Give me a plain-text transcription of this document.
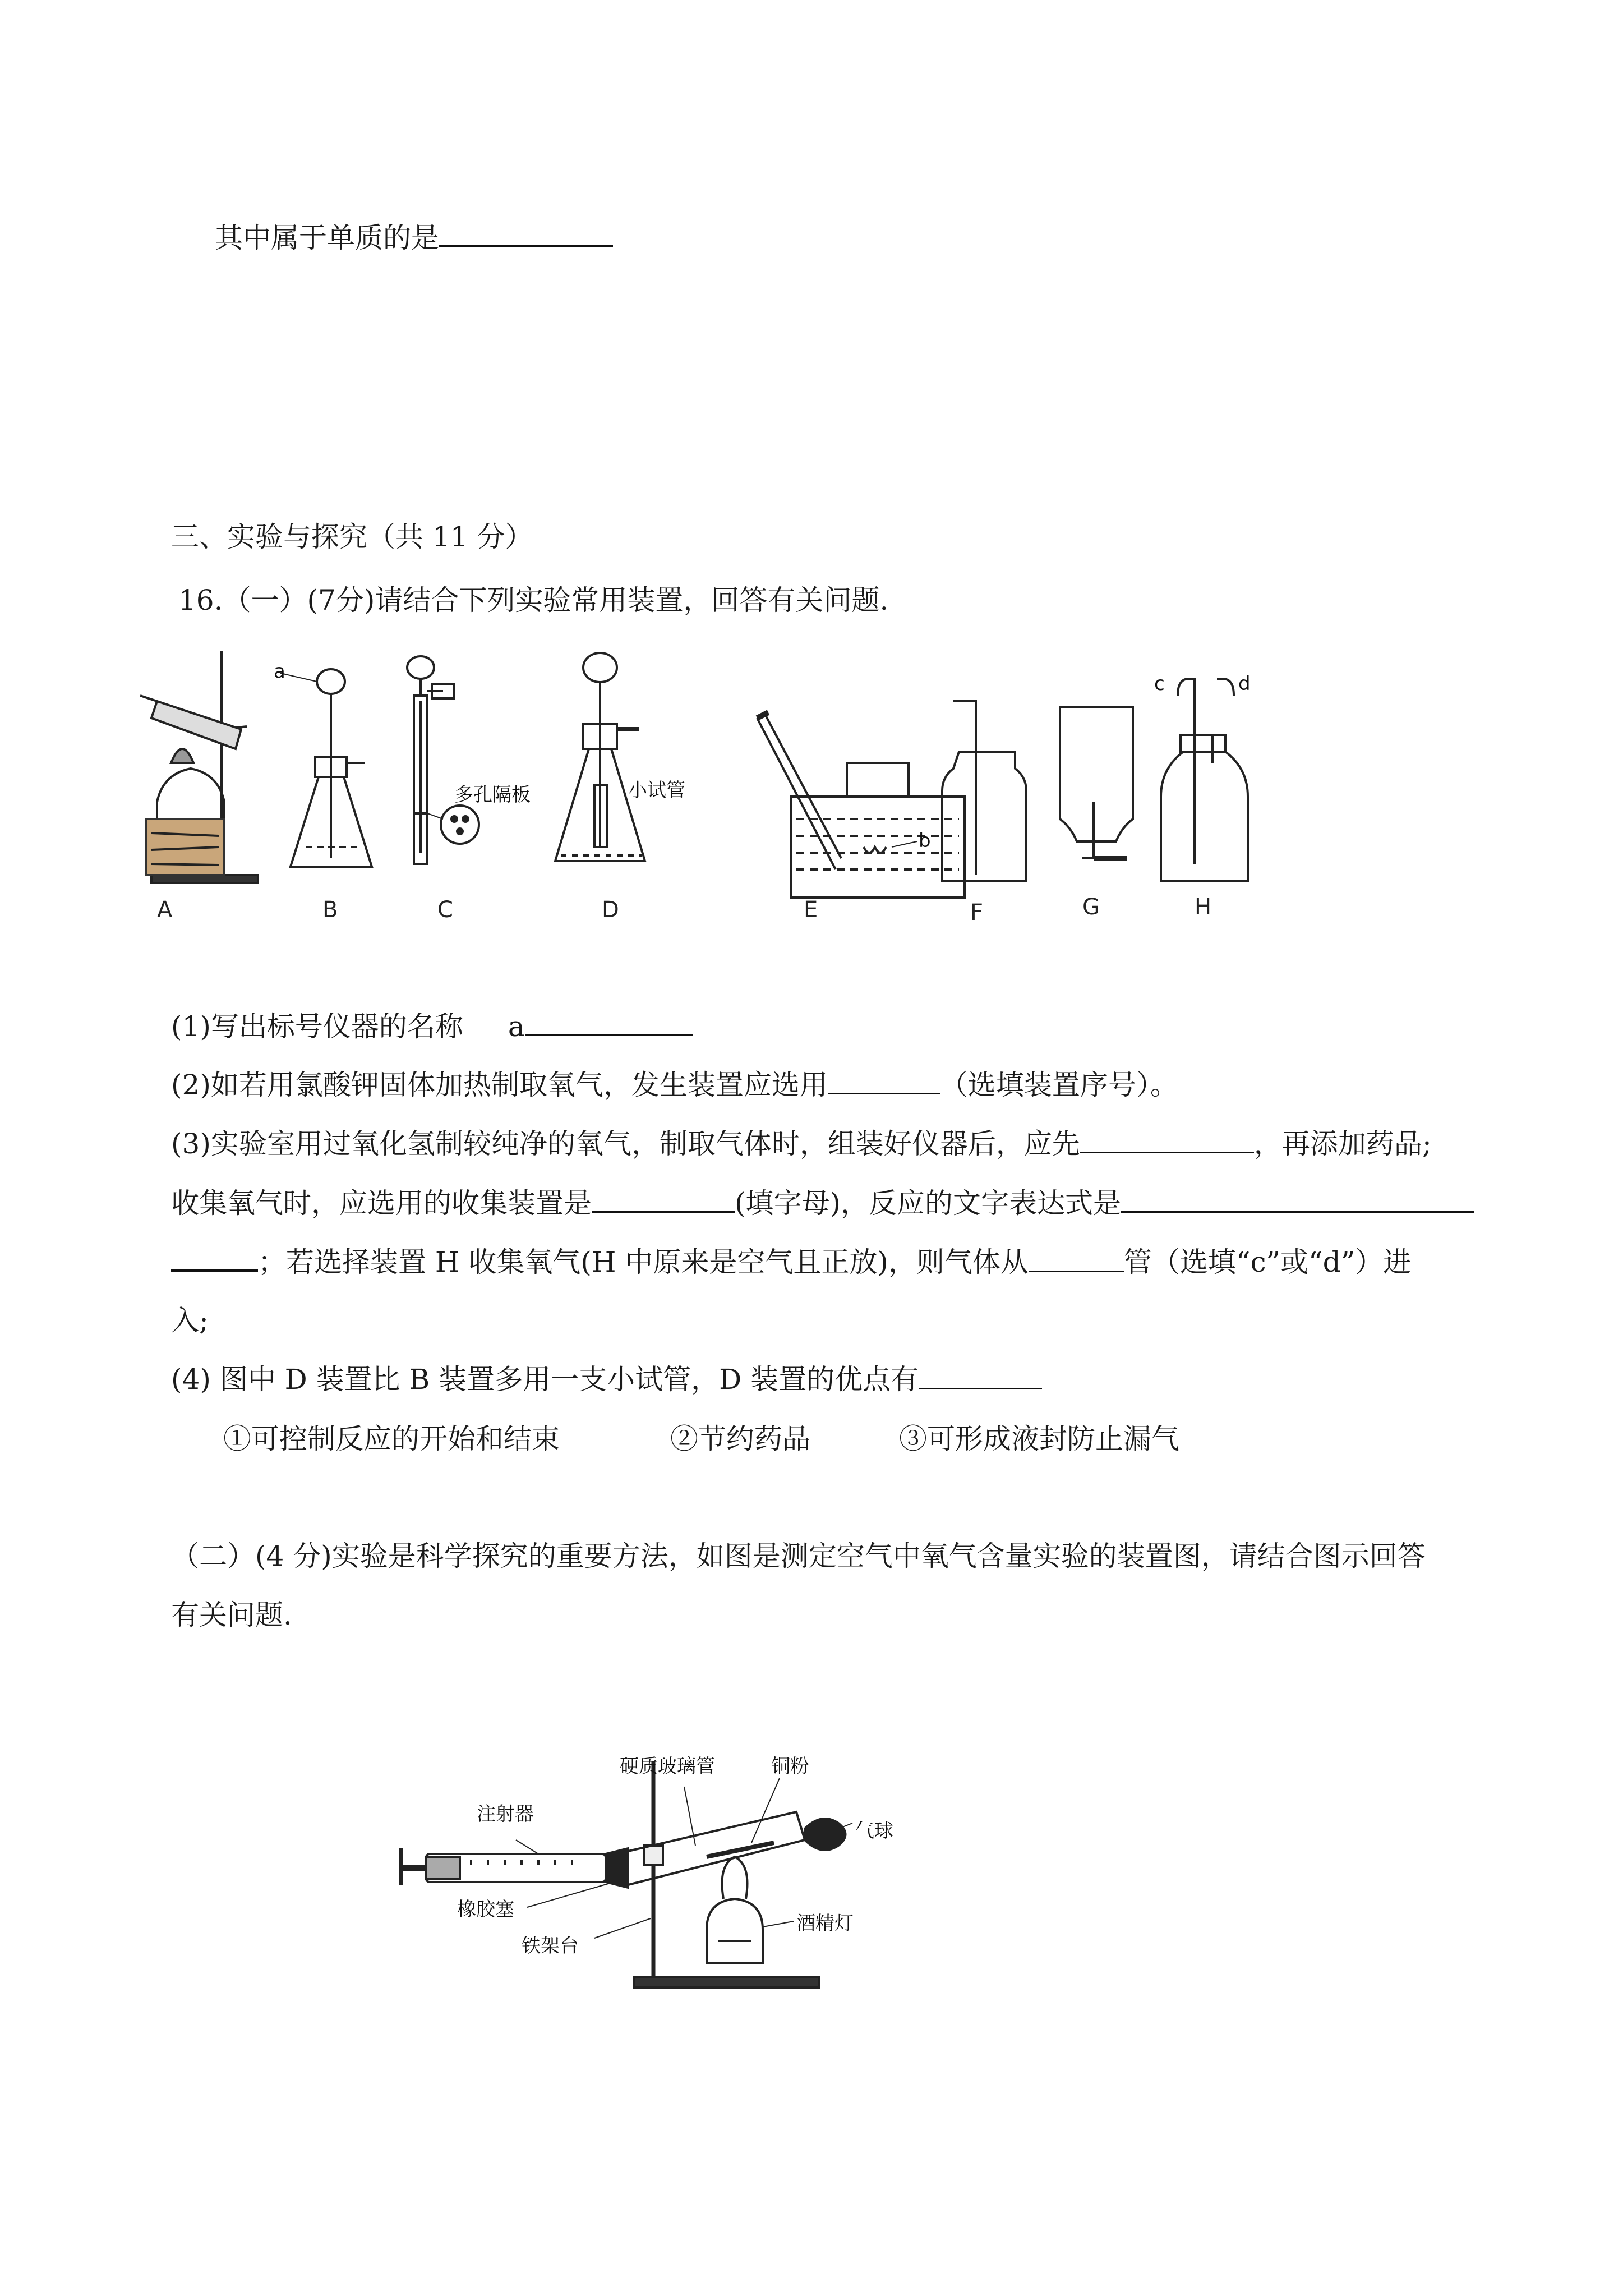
其中属于单质的是
三、实验与探究（共 11 分）
16.（一）(7分)请结合下列实验常用装置，回答有关问题.
a
多孔隔板	小试管
b
c	d
A	B	C	D	E	F	G	H
(1)写出标号仪器的名称 a
(2)如若用氯酸钾固体加热制取氧气，发生装置应选用	（选填装置序号）。
(3)实验室用过氧化氢制较纯净的氧气，制取气体时，组装好仪器后，应先	，再添加药品;
收集氧气时，应选用的收集装置是	(填字母)，反应的文字表达式是
；若选择装置 H 收集氧气(H 中原来是空气且正放)，则气体从	管（选填“c”或“d”）进
入;
(4) 图中 D 装置比 B 装置多用一支小试管，D 装置的优点有
①可控制反应的开始和结束	②节约药品	③可形成液封防止漏气
（二）(4 分)实验是科学探究的重要方法，如图是测定空气中氧气含量实验的装置图，请结合图示回答
有关问题.
注射器
硬质玻璃管	铜粉
气球
橡胶塞
铁架台
酒精灯
